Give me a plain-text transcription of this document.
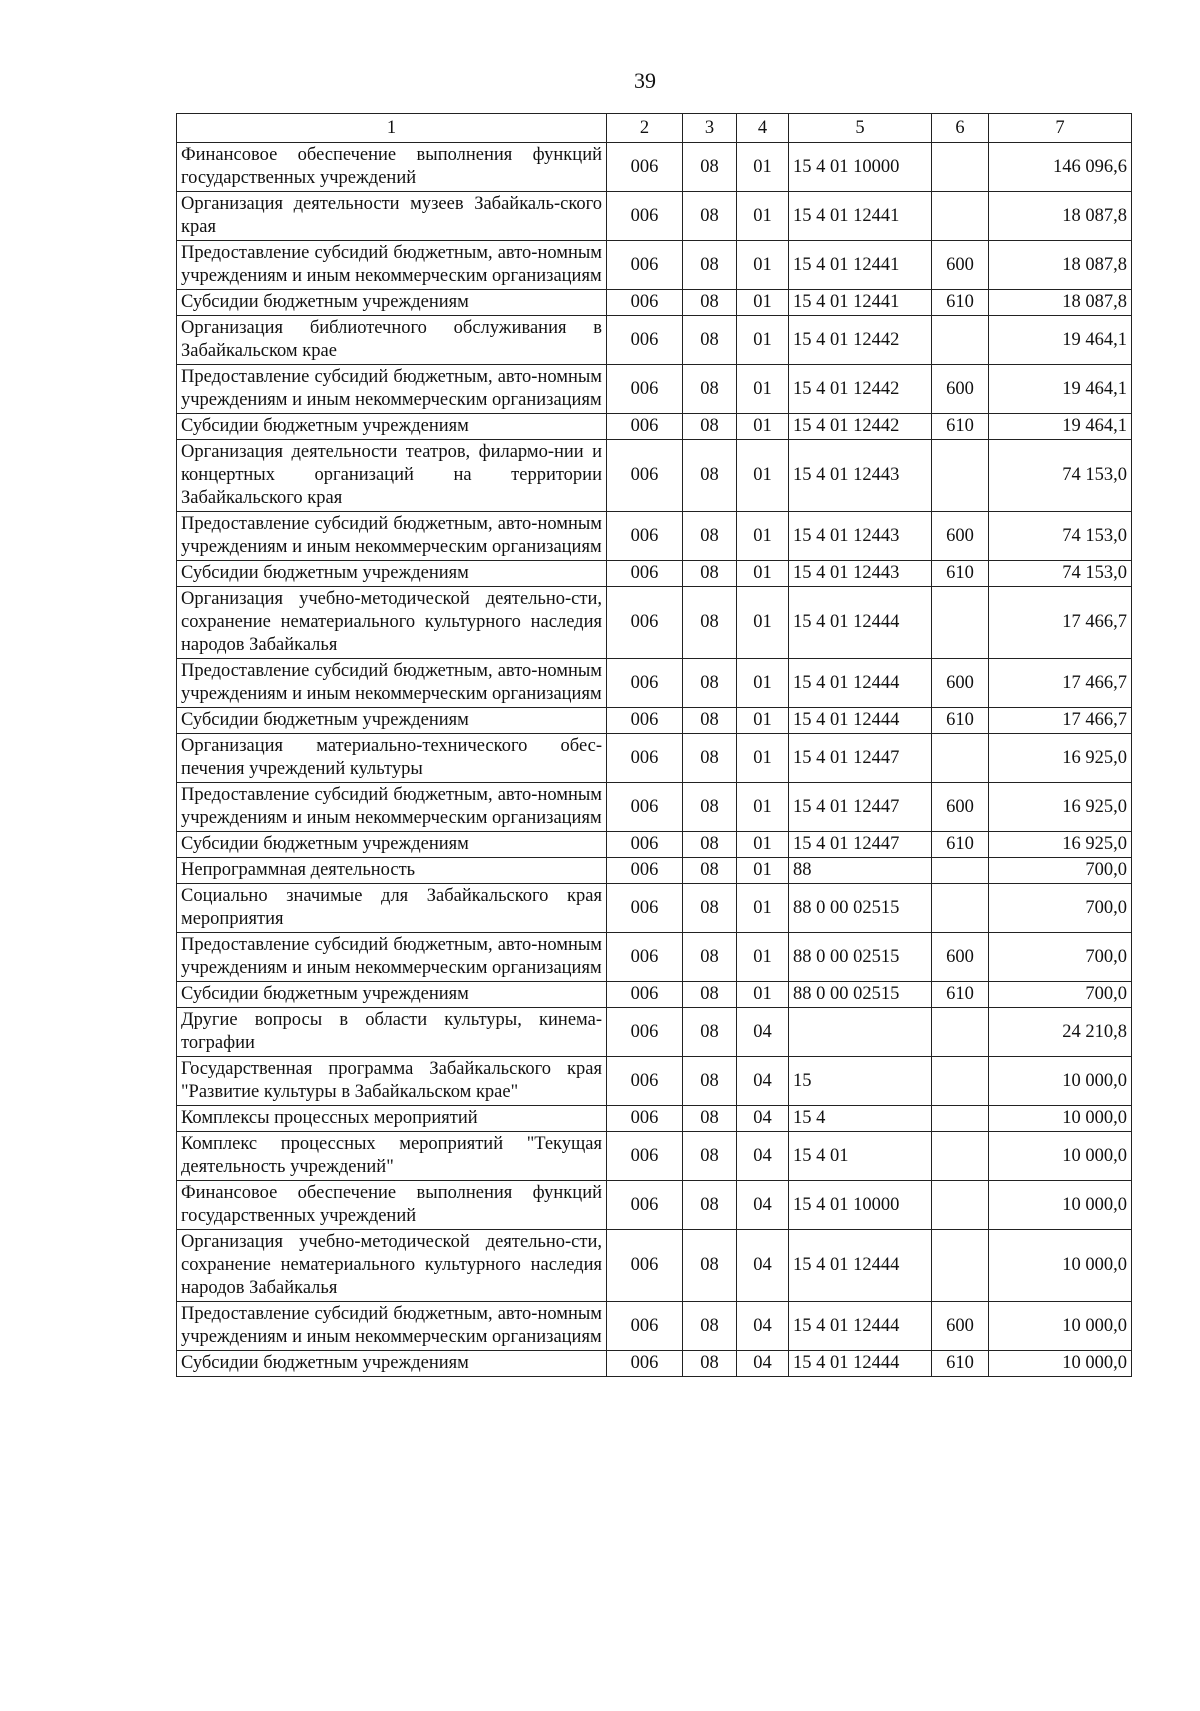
39
1	2	3	4	5	6	7
Финансовое обеспечение выполнения функций государственных учреждений	006	08	01	15 4 01 10000		146 096,6
Организация деятельности музеев Забайкаль-ского края	006	08	01	15 4 01 12441		18 087,8
Предоставление субсидий бюджетным, авто-номным учреждениям и иным некоммерческим организациям	006	08	01	15 4 01 12441	600	18 087,8
Субсидии бюджетным учреждениям	006	08	01	15 4 01 12441	610	18 087,8
Организация библиотечного обслуживания в Забайкальском крае	006	08	01	15 4 01 12442		19 464,1
Предоставление субсидий бюджетным, авто-номным учреждениям и иным некоммерческим организациям	006	08	01	15 4 01 12442	600	19 464,1
Субсидии бюджетным учреждениям	006	08	01	15 4 01 12442	610	19 464,1
Организация деятельности театров, филармо-нии и концертных организаций на территории Забайкальского края	006	08	01	15 4 01 12443		74 153,0
Предоставление субсидий бюджетным, авто-номным учреждениям и иным некоммерческим организациям	006	08	01	15 4 01 12443	600	74 153,0
Субсидии бюджетным учреждениям	006	08	01	15 4 01 12443	610	74 153,0
Организация учебно-методической деятельно-сти, сохранение нематериального культурного наследия народов Забайкалья	006	08	01	15 4 01 12444		17 466,7
Предоставление субсидий бюджетным, авто-номным учреждениям и иным некоммерческим организациям	006	08	01	15 4 01 12444	600	17 466,7
Субсидии бюджетным учреждениям	006	08	01	15 4 01 12444	610	17 466,7
Организация материально-технического обес-печения учреждений культуры	006	08	01	15 4 01 12447		16 925,0
Предоставление субсидий бюджетным, авто-номным учреждениям и иным некоммерческим организациям	006	08	01	15 4 01 12447	600	16 925,0
Субсидии бюджетным учреждениям	006	08	01	15 4 01 12447	610	16 925,0
Непрограммная деятельность	006	08	01	88		700,0
Социально значимые для Забайкальского края мероприятия	006	08	01	88 0 00 02515		700,0
Предоставление субсидий бюджетным, авто-номным учреждениям и иным некоммерческим организациям	006	08	01	88 0 00 02515	600	700,0
Субсидии бюджетным учреждениям	006	08	01	88 0 00 02515	610	700,0
Другие вопросы в области культуры, кинема-тографии	006	08	04			24 210,8
Государственная программа Забайкальского края "Развитие культуры в Забайкальском крае"	006	08	04	15		10 000,0
Комплексы процессных мероприятий	006	08	04	15 4		10 000,0
Комплекс процессных мероприятий "Текущая деятельность учреждений"	006	08	04	15 4 01		10 000,0
Финансовое обеспечение выполнения функций государственных учреждений	006	08	04	15 4 01 10000		10 000,0
Организация учебно-методической деятельно-сти, сохранение нематериального культурного наследия народов Забайкалья	006	08	04	15 4 01 12444		10 000,0
Предоставление субсидий бюджетным, авто-номным учреждениям и иным некоммерческим организациям	006	08	04	15 4 01 12444	600	10 000,0
Субсидии бюджетным учреждениям	006	08	04	15 4 01 12444	610	10 000,0
